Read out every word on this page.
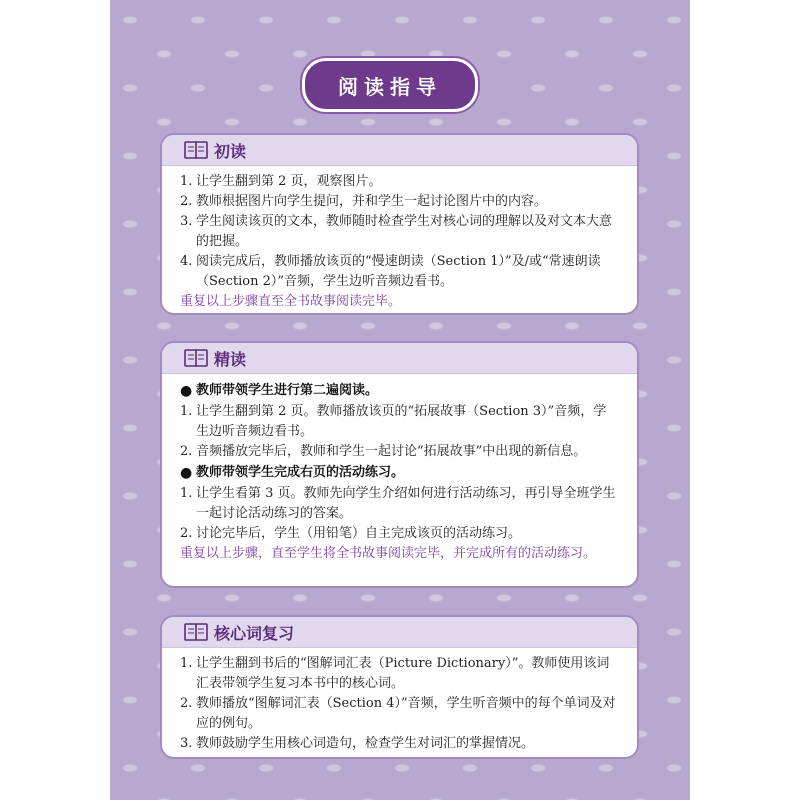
阅读指导
初读
1. 让学生翻到第 2 页，观察图片。
2. 教师根据图片向学生提问，并和学生一起讨论图片中的内容。
3. 学生阅读该页的文本，教师随时检查学生对核心词的理解以及对文本大意的把握。
4. 阅读完成后，教师播放该页的“慢速朗读（Section 1）”及/或“常速朗读（Section 2）”音频，学生边听音频边看书。
重复以上步骤直至全书故事阅读完毕。
精读
● 教师带领学生进行第二遍阅读。
1. 让学生翻到第 2 页。教师播放该页的“拓展故事（Section 3）”音频，学生边听音频边看书。
2. 音频播放完毕后，教师和学生一起讨论“拓展故事”中出现的新信息。
● 教师带领学生完成右页的活动练习。
1. 让学生看第 3 页。教师先向学生介绍如何进行活动练习，再引导全班学生一起讨论活动练习的答案。
2. 讨论完毕后，学生（用铅笔）自主完成该页的活动练习。
重复以上步骤，直至学生将全书故事阅读完毕，并完成所有的活动练习。
核心词复习
1. 让学生翻到书后的“图解词汇表（Picture Dictionary）”。教师使用该词汇表带领学生复习本书中的核心词。
2. 教师播放“图解词汇表（Section 4）”音频，学生听音频中的每个单词及对应的例句。
3. 教师鼓励学生用核心词造句，检查学生对词汇的掌握情况。
